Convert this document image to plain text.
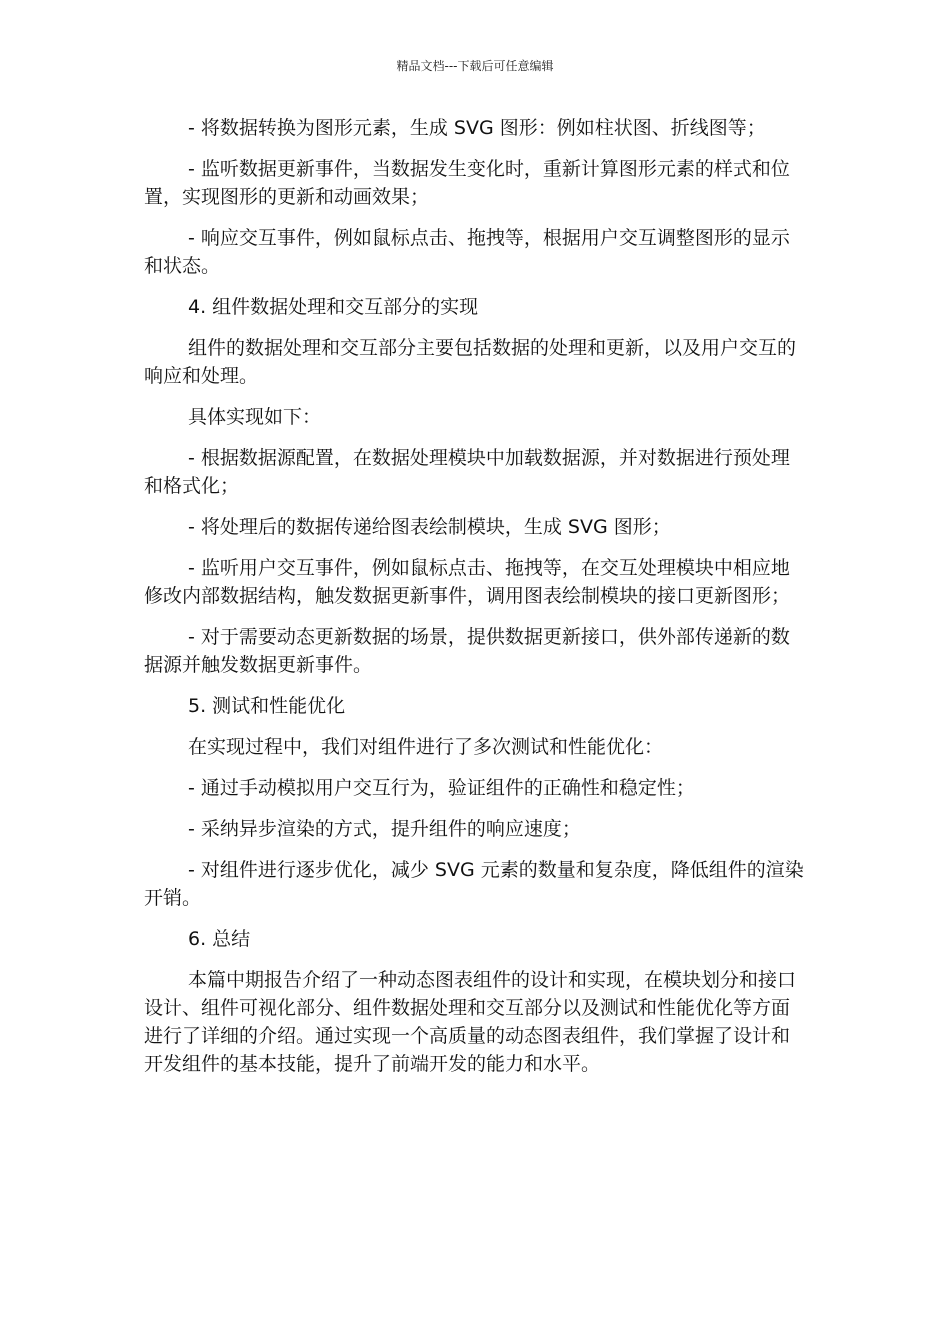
精品文档---下载后可任意编辑

- 将数据转换为图形元素，生成 SVG 图形：例如柱状图、折线图等；

- 监听数据更新事件，当数据发生变化时，重新计算图形元素的样式和位置，实现图形的更新和动画效果；

- 响应交互事件，例如鼠标点击、拖拽等，根据用户交互调整图形的显示和状态。

4. 组件数据处理和交互部分的实现

组件的数据处理和交互部分主要包括数据的处理和更新，以及用户交互的响应和处理。

具体实现如下：

- 根据数据源配置，在数据处理模块中加载数据源，并对数据进行预处理和格式化；

- 将处理后的数据传递给图表绘制模块，生成 SVG 图形；

- 监听用户交互事件，例如鼠标点击、拖拽等，在交互处理模块中相应地修改内部数据结构，触发数据更新事件，调用图表绘制模块的接口更新图形；

- 对于需要动态更新数据的场景，提供数据更新接口，供外部传递新的数据源并触发数据更新事件。

5. 测试和性能优化

在实现过程中，我们对组件进行了多次测试和性能优化：

- 通过手动模拟用户交互行为，验证组件的正确性和稳定性；

- 采纳异步渲染的方式，提升组件的响应速度；

- 对组件进行逐步优化，减少 SVG 元素的数量和复杂度，降低组件的渲染开销。

6. 总结

本篇中期报告介绍了一种动态图表组件的设计和实现，在模块划分和接口设计、组件可视化部分、组件数据处理和交互部分以及测试和性能优化等方面进行了详细的介绍。通过实现一个高质量的动态图表组件，我们掌握了设计和开发组件的基本技能，提升了前端开发的能力和水平。
